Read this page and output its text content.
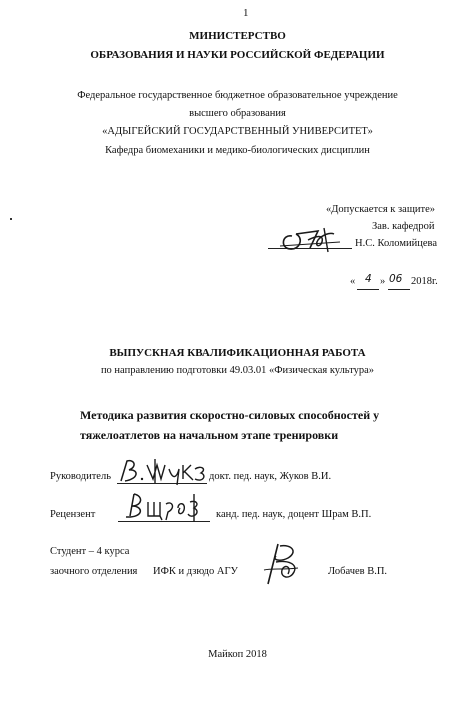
1
МИНИСТЕРСТВО
ОБРАЗОВАНИЯ И НАУКИ РОССИЙСКОЙ ФЕДЕРАЦИИ
Федеральное государственное бюджетное образовательное учреждение
высшего образования
«АДЫГЕЙСКИЙ ГОСУДАРСТВЕННЫЙ УНИВЕРСИТЕТ»
Кафедра биомеханики и медико-биологических дисциплин
«Допускается к защите»
Зав. кафедрой
Н.С. Коломийцева
« 4 » 06 2018г.
ВЫПУСКНАЯ КВАЛИФИКАЦИОННАЯ РАБОТА
по направлению подготовки 49.03.01 «Физическая культура»
Методика развития скоростно-силовых способностей у
тяжелоатлетов на начальном этапе тренировки
Руководитель	докт. пед. наук, Жуков В.И.
Рецензент	канд. пед. наук, доцент Шрам В.П.
Студент – 4 курса
заочного отделения ИФК и дзюдо АГУ	Лобачев В.П.
Майкоп 2018
